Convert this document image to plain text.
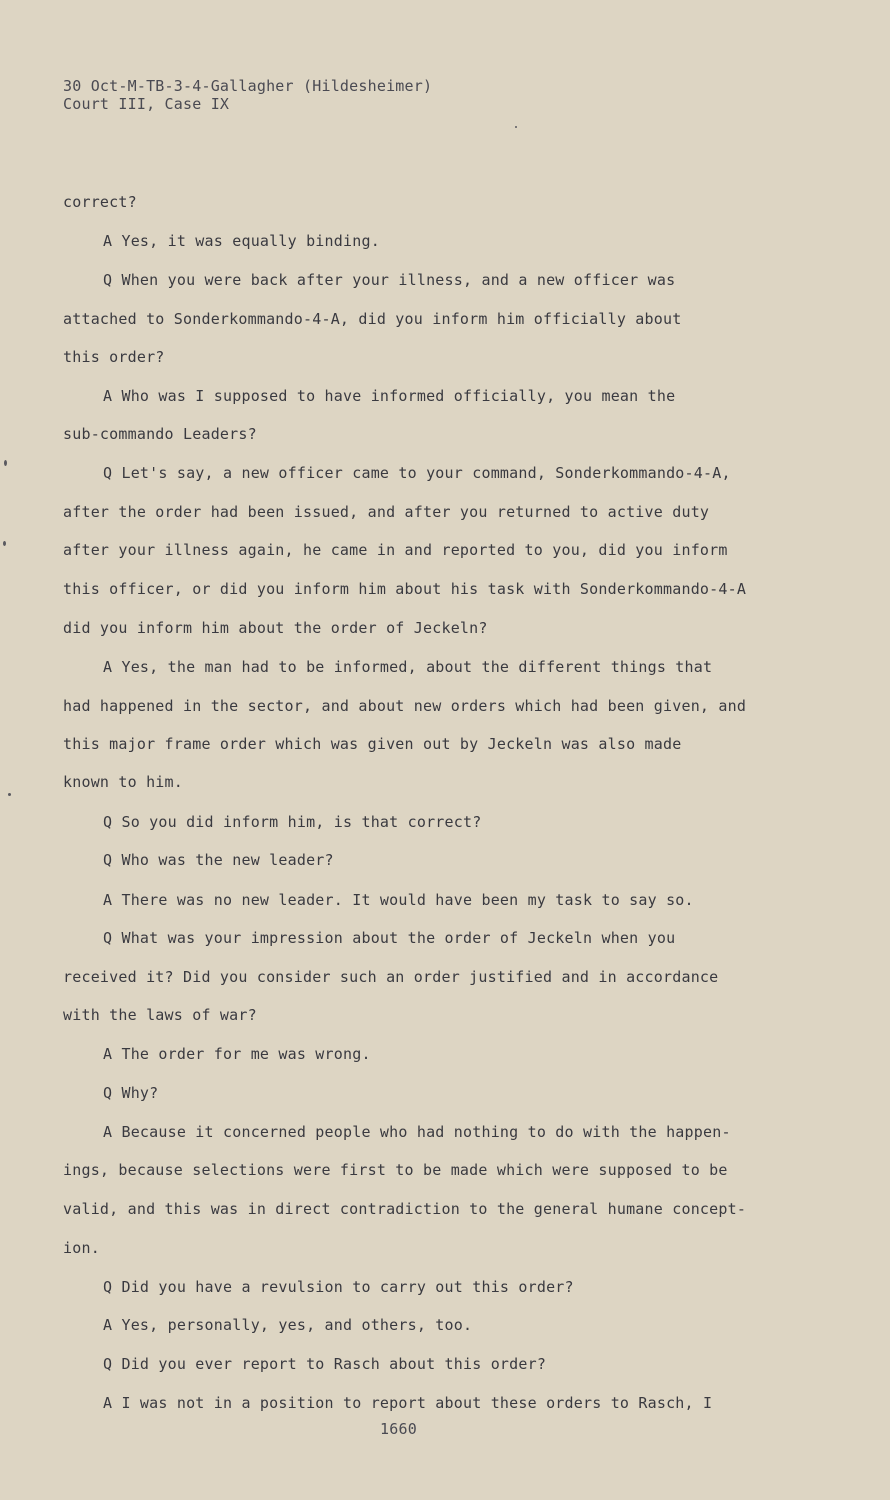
30 Oct-M-TB-3-4-Gallagher (Hildesheimer)
Court III, Case IX
correct?
A Yes, it was equally binding.
Q When you were back after your illness, and a new officer was
attached to Sonderkommando-4-A, did you inform him officially about
this order?
A Who was I supposed to have informed officially, you mean the
sub-commando Leaders?
Q Let's say, a new officer came to your command, Sonderkommando-4-A,
after the order had been issued, and after you returned to active duty
after your illness again, he came in and reported to you, did you inform
this officer, or did you inform him about his task with Sonderkommando-4-A
did you inform him about the order of Jeckeln?
A Yes, the man had to be informed, about the different things that
had happened in the sector, and about new orders which had been given, and
this major frame order which was given out by Jeckeln was also made
known to him.
Q So you did inform him, is that correct?
Q Who was the new leader?
A There was no new leader. It would have been my task to say so.
Q What was your impression about the order of Jeckeln when you
received it? Did you consider such an order justified and in accordance
with the laws of war?
A The order for me was wrong.
Q Why?
A Because it concerned people who had nothing to do with the happen-
ings, because selections were first to be made which were supposed to be
valid, and this was in direct contradiction to the general humane concept-
ion.
Q Did you have a revulsion to carry out this order?
A Yes, personally, yes, and others, too.
Q Did you ever report to Rasch about this order?
A I was not in a position to report about these orders to Rasch, I
1660
